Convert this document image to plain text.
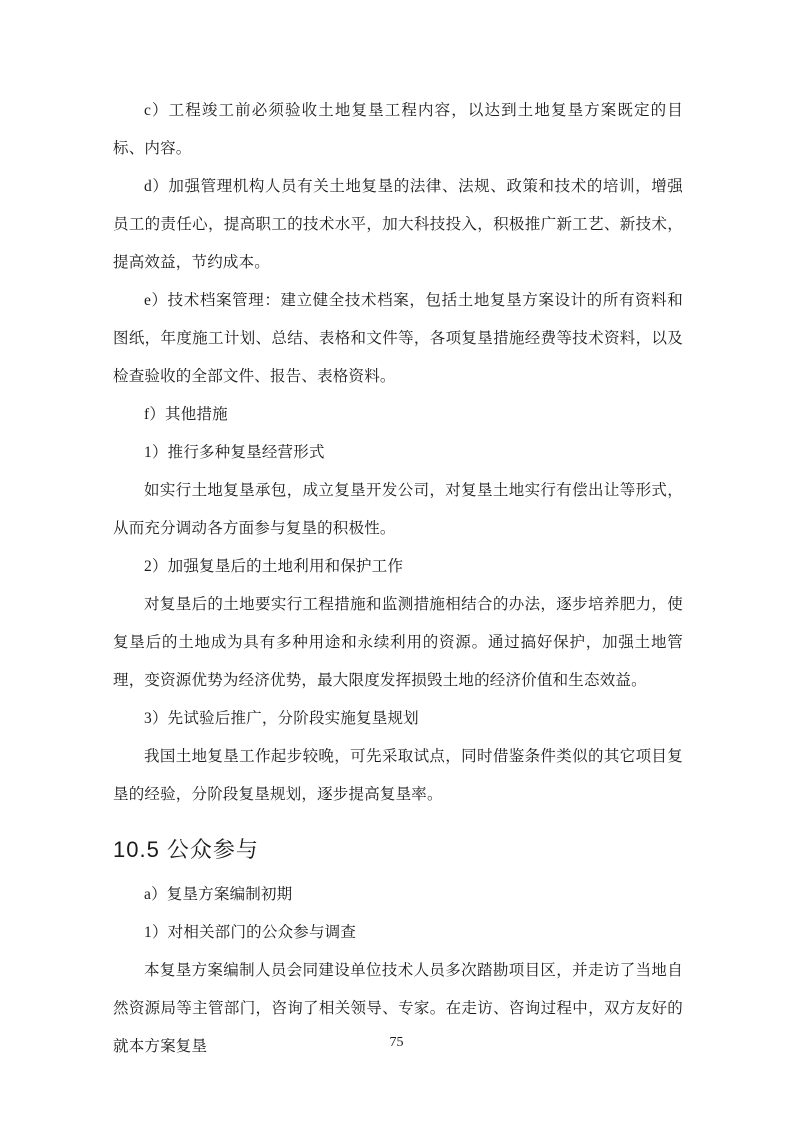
c）工程竣工前必须验收土地复垦工程内容，以达到土地复垦方案既定的目标、内容。

d）加强管理机构人员有关土地复垦的法律、法规、政策和技术的培训，增强员工的责任心，提高职工的技术水平，加大科技投入，积极推广新工艺、新技术，提高效益，节约成本。

e）技术档案管理：建立健全技术档案，包括土地复垦方案设计的所有资料和图纸，年度施工计划、总结、表格和文件等，各项复垦措施经费等技术资料，以及检查验收的全部文件、报告、表格资料。

f）其他措施

1）推行多种复垦经营形式

如实行土地复垦承包，成立复垦开发公司，对复垦土地实行有偿出让等形式，从而充分调动各方面参与复垦的积极性。

2）加强复垦后的土地利用和保护工作

对复垦后的土地要实行工程措施和监测措施相结合的办法，逐步培养肥力，使复垦后的土地成为具有多种用途和永续利用的资源。通过搞好保护，加强土地管理，变资源优势为经济优势，最大限度发挥损毁土地的经济价值和生态效益。

3）先试验后推广，分阶段实施复垦规划

我国土地复垦工作起步较晚，可先采取试点，同时借鉴条件类似的其它项目复垦的经验，分阶段复垦规划，逐步提高复垦率。

10.5 公众参与

a）复垦方案编制初期

1）对相关部门的公众参与调查

本复垦方案编制人员会同建设单位技术人员多次踏勘项目区，并走访了当地自然资源局等主管部门，咨询了相关领导、专家。在走访、咨询过程中，双方友好的就本方案复垦	75
